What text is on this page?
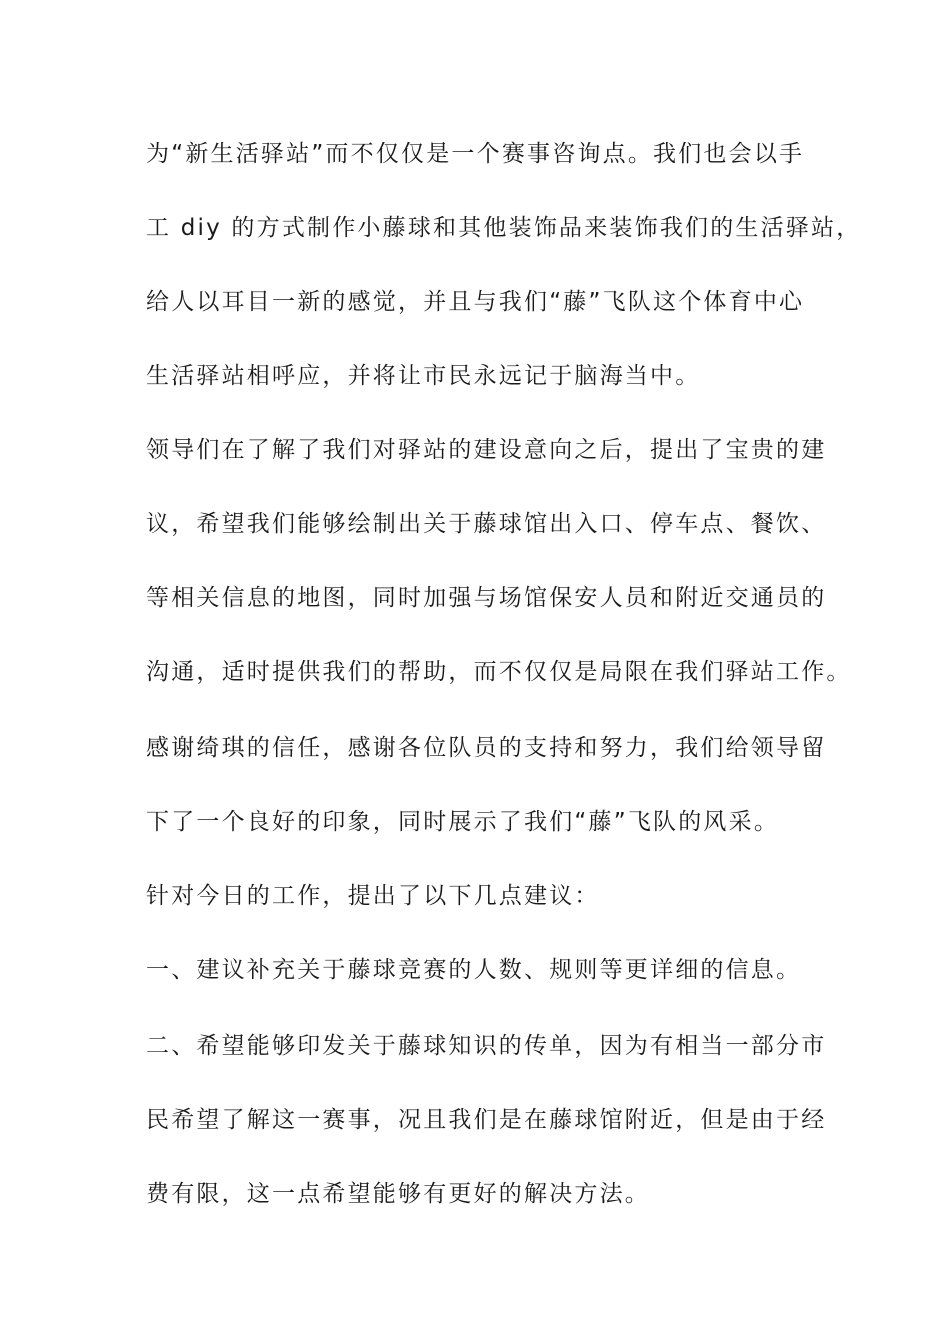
为“新生活驿站”而不仅仅是一个赛事咨询点。我们也会以手
工 diy 的方式制作小藤球和其他装饰品来装饰我们的生活驿站，
给人以耳目一新的感觉，并且与我们“藤”飞队这个体育中心
生活驿站相呼应，并将让市民永远记于脑海当中。
领导们在了解了我们对驿站的建设意向之后，提出了宝贵的建
议，希望我们能够绘制出关于藤球馆出入口、停车点、餐饮、
等相关信息的地图，同时加强与场馆保安人员和附近交通员的
沟通，适时提供我们的帮助，而不仅仅是局限在我们驿站工作。
感谢绮琪的信任，感谢各位队员的支持和努力，我们给领导留
下了一个良好的印象，同时展示了我们“藤”飞队的风采。
针对今日的工作，提出了以下几点建议：
一、建议补充关于藤球竞赛的人数、规则等更详细的信息。
二、希望能够印发关于藤球知识的传单，因为有相当一部分市
民希望了解这一赛事，况且我们是在藤球馆附近，但是由于经
费有限，这一点希望能够有更好的解决方法。
